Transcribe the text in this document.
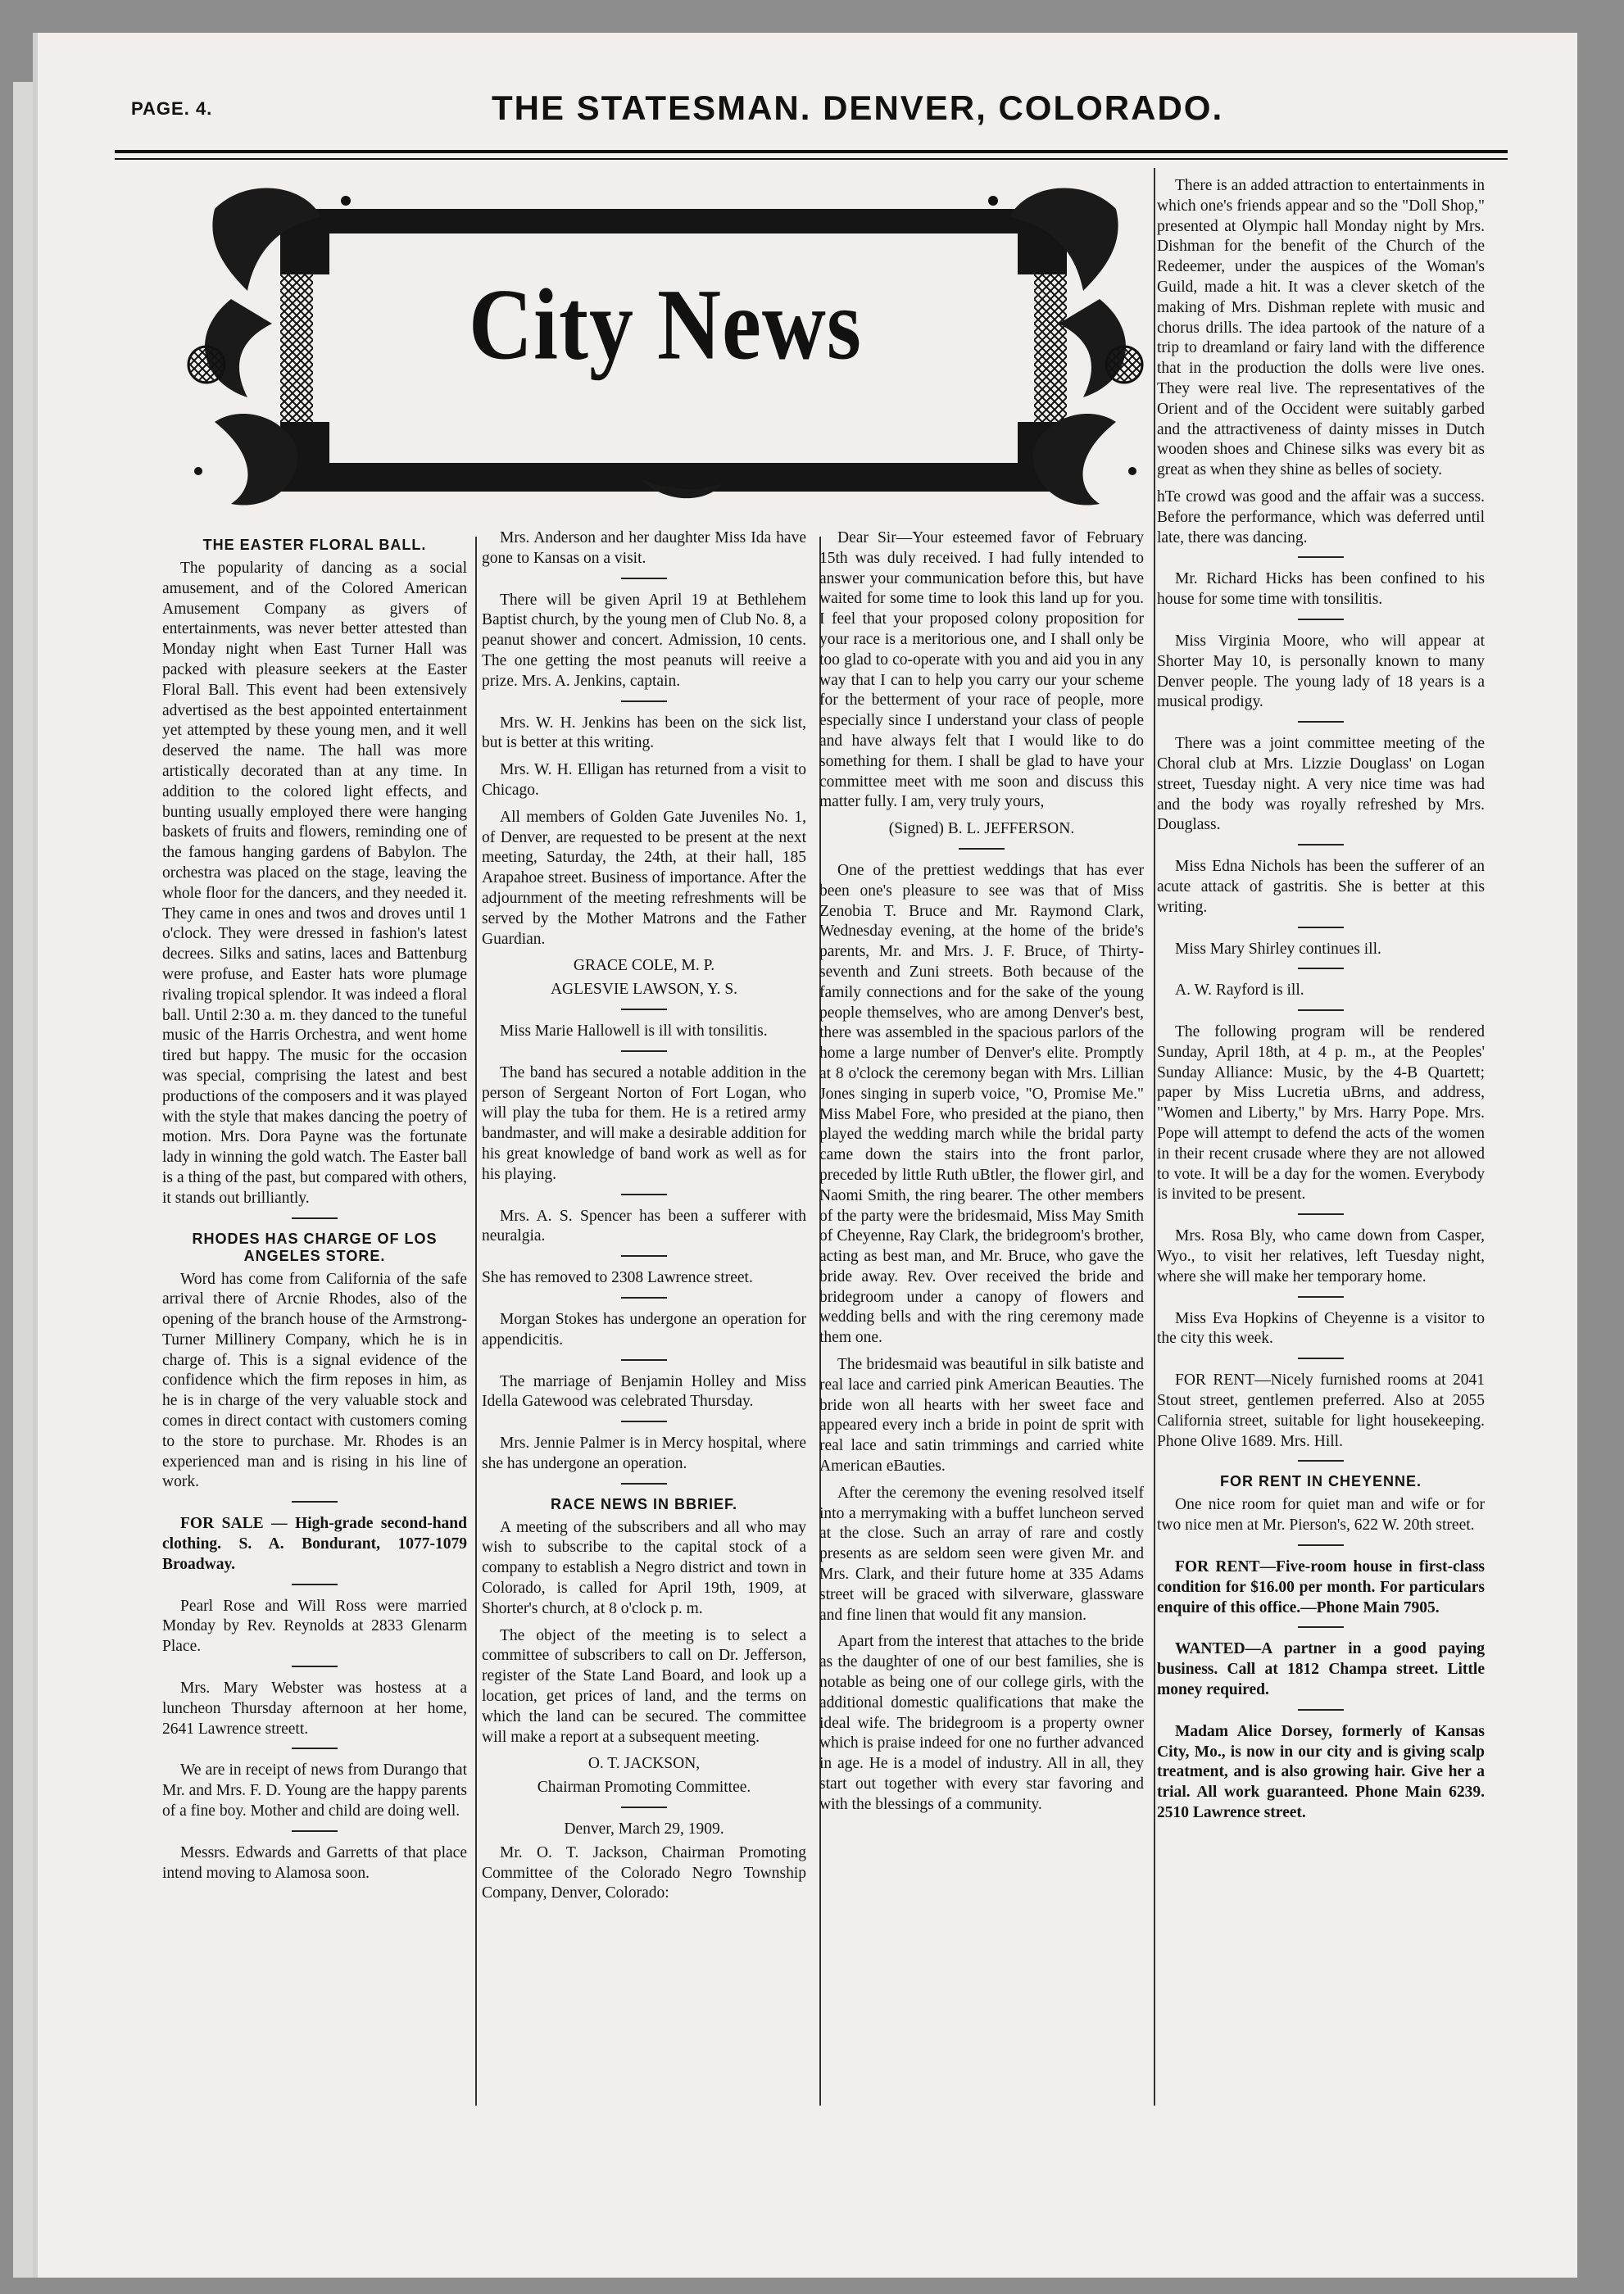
PAGE. 4.	THE STATESMAN. DENVER, COLORADO.
City News
THE EASTER FLORAL BALL.

The popularity of dancing as a social amusement, and of the Colored American Amusement Company as givers of entertainments, was never better attested than Monday night when East Turner Hall was packed with pleasure seekers at the Easter Floral Ball. This event had been extensively advertised as the best appointed entertainment yet attempted by these young men, and it well deserved the name. The hall was more artistically decorated than at any time. In addition to the colored light effects, and bunting usually employed there were hanging baskets of fruits and flowers, reminding one of the famous hanging gardens of Babylon. The orchestra was placed on the stage, leaving the whole floor for the dancers, and they needed it. They came in ones and twos and droves until 1 o'clock. They were dressed in fashion's latest decrees. Silks and satins, laces and Battenburg were profuse, and Easter hats wore plumage rivaling tropical splendor. It was indeed a floral ball. Until 2:30 a. m. they danced to the tuneful music of the Harris Orchestra, and went home tired but happy. The music for the occasion was special, comprising the latest and best productions of the composers and it was played with the style that makes dancing the poetry of motion. Mrs. Dora Payne was the fortunate lady in winning the gold watch. The Easter ball is a thing of the past, but compared with others, it stands out brilliantly.

RHODES HAS CHARGE OF LOS ANGELES STORE.

Word has come from California of the safe arrival there of Arcnie Rhodes, also of the opening of the branch house of the Armstrong-Turner Millinery Company, which he is in charge of. This is a signal evidence of the confidence which the firm reposes in him, as he is in charge of the very valuable stock and comes in direct contact with customers coming to the store to purchase. Mr. Rhodes is an experienced man and is rising in his line of work.

FOR SALE — High-grade second-hand clothing. S. A. Bondurant, 1077-1079 Broadway.

Pearl Rose and Will Ross were married Monday by Rev. Reynolds at 2833 Glenarm Place.

Mrs. Mary Webster was hostess at a luncheon Thursday afternoon at her home, 2641 Lawrence streett.

We are in receipt of news from Durango that Mr. and Mrs. F. D. Young are the happy parents of a fine boy. Mother and child are doing well.

Messrs. Edwards and Garretts of that place intend moving to Alamosa soon.

Mrs. Anderson and her daughter Miss Ida have gone to Kansas on a visit.

There will be given April 19 at Bethlehem Baptist church, by the young men of Club No. 8, a peanut shower and concert. Admission, 10 cents. The one getting the most peanuts will reeive a prize. Mrs. A. Jenkins, captain.

Mrs. W. H. Jenkins has been on the sick list, but is better at this writing.

Mrs. W. H. Elligan has returned from a visit to Chicago.

All members of Golden Gate Juveniles No. 1, of Denver, are requested to be present at the next meeting, Saturday, the 24th, at their hall, 185 Arapahoe street. Business of importance. After the adjournment of the meeting refreshments will be served by the Mother Matrons and the Father Guardian.

GRACE COLE, M. P.

AGLESVIE LAWSON, Y. S.

Miss Marie Hallowell is ill with tonsilitis.

The band has secured a notable addition in the person of Sergeant Norton of Fort Logan, who will play the tuba for them. He is a retired army bandmaster, and will make a desirable addition for his great knowledge of band work as well as for his playing.

Mrs. A. S. Spencer has been a sufferer with neuralgia.

She has removed to 2308 Lawrence street.

Morgan Stokes has undergone an operation for appendicitis.

The marriage of Benjamin Holley and Miss Idella Gatewood was celebrated Thursday.

Mrs. Jennie Palmer is in Mercy hospital, where she has undergone an operation.

RACE NEWS IN BBRIEF.

A meeting of the subscribers and all who may wish to subscribe to the capital stock of a company to establish a Negro district and town in Colorado, is called for April 19th, 1909, at Shorter's church, at 8 o'clock p. m.

The object of the meeting is to select a committee of subscribers to call on Dr. Jefferson, register of the State Land Board, and look up a location, get prices of land, and the terms on which the land can be secured. The committee will make a report at a subsequent meeting.

O. T. JACKSON,

Chairman Promoting Committee.

Denver, March 29, 1909.

Mr. O. T. Jackson, Chairman Promoting Committee of the Colorado Negro Township Company, Denver, Colorado:

Dear Sir—Your esteemed favor of February 15th was duly received. I had fully intended to answer your communication before this, but have waited for some time to look this land up for you. I feel that your proposed colony proposition for your race is a meritorious one, and I shall only be too glad to co-operate with you and aid you in any way that I can to help you carry our your scheme for the betterment of your race of people, more especially since I understand your class of people and have always felt that I would like to do something for them. I shall be glad to have your committee meet with me soon and discuss this matter fully. I am, very truly yours,

(Signed) B. L. JEFFERSON.

One of the prettiest weddings that has ever been one's pleasure to see was that of Miss Zenobia T. Bruce and Mr. Raymond Clark, Wednesday evening, at the home of the bride's parents, Mr. and Mrs. J. F. Bruce, of Thirty-seventh and Zuni streets. Both because of the family connections and for the sake of the young people themselves, who are among Denver's best, there was assembled in the spacious parlors of the home a large number of Denver's elite. Promptly at 8 o'clock the ceremony began with Mrs. Lillian Jones singing in superb voice, "O, Promise Me." Miss Mabel Fore, who presided at the piano, then played the wedding march while the bridal party came down the stairs into the front parlor, preceded by little Ruth uBtler, the flower girl, and Naomi Smith, the ring bearer. The other members of the party were the bridesmaid, Miss May Smith of Cheyenne, Ray Clark, the bridegroom's brother, acting as best man, and Mr. Bruce, who gave the bride away. Rev. Over received the bride and bridegroom under a canopy of flowers and wedding bells and with the ring ceremony made them one.

The bridesmaid was beautiful in silk batiste and real lace and carried pink American Beauties. The bride won all hearts with her sweet face and appeared every inch a bride in point de sprit with real lace and satin trimmings and carried white American eBauties.

After the ceremony the evening resolved itself into a merrymaking with a buffet luncheon served at the close. Such an array of rare and costly presents as are seldom seen were given Mr. and Mrs. Clark, and their future home at 335 Adams street will be graced with silverware, glassware and fine linen that would fit any mansion.

Apart from the interest that attaches to the bride as the daughter of one of our best families, she is notable as being one of our college girls, with the additional domestic qualifications that make the ideal wife. The bridegroom is a property owner which is praise indeed for one no further advanced in age. He is a model of industry. All in all, they start out together with every star favoring and with the blessings of a community.

There is an added attraction to entertainments in which one's friends appear and so the "Doll Shop," presented at Olympic hall Monday night by Mrs. Dishman for the benefit of the Church of the Redeemer, under the auspices of the Woman's Guild, made a hit. It was a clever sketch of the making of Mrs. Dishman replete with music and chorus drills. The idea partook of the nature of a trip to dreamland or fairy land with the difference that in the production the dolls were live ones. They were real live. The representatives of the Orient and of the Occident were suitably garbed and the attractiveness of dainty misses in Dutch wooden shoes and Chinese silks was every bit as great as when they shine as belles of society.

hTe crowd was good and the affair was a success. Before the performance, which was deferred until late, there was dancing.

Mr. Richard Hicks has been confined to his house for some time with tonsilitis.

Miss Virginia Moore, who will appear at Shorter May 10, is personally known to many Denver people. The young lady of 18 years is a musical prodigy.

There was a joint committee meeting of the Choral club at Mrs. Lizzie Douglass' on Logan street, Tuesday night. A very nice time was had and the body was royally refreshed by Mrs. Douglass.

Miss Edna Nichols has been the sufferer of an acute attack of gastritis. She is better at this writing.

Miss Mary Shirley continues ill.

A. W. Rayford is ill.

The following program will be rendered Sunday, April 18th, at 4 p. m., at the Peoples' Sunday Alliance: Music, by the 4-B Quartett; paper by Miss Lucretia uBrns, and address, "Women and Liberty," by Mrs. Harry Pope. Mrs. Pope will attempt to defend the acts of the women in their recent crusade where they are not allowed to vote. It will be a day for the women. Everybody is invited to be present.

Mrs. Rosa Bly, who came down from Casper, Wyo., to visit her relatives, left Tuesday night, where she will make her temporary home.

Miss Eva Hopkins of Cheyenne is a visitor to the city this week.

FOR RENT—Nicely furnished rooms at 2041 Stout street, gentlemen preferred. Also at 2055 California street, suitable for light housekeeping. Phone Olive 1689. Mrs. Hill.

FOR RENT IN CHEYENNE.

One nice room for quiet man and wife or for two nice men at Mr. Pierson's, 622 W. 20th street.

FOR RENT—Five-room house in first-class condition for $16.00 per month. For particulars enquire of this office.—Phone Main 7905.

WANTED—A partner in a good paying business. Call at 1812 Champa street. Little money required.

Madam Alice Dorsey, formerly of Kansas City, Mo., is now in our city and is giving scalp treatment, and is also growing hair. Give her a trial. All work guaranteed. Phone Main 6239. 2510 Lawrence street.
